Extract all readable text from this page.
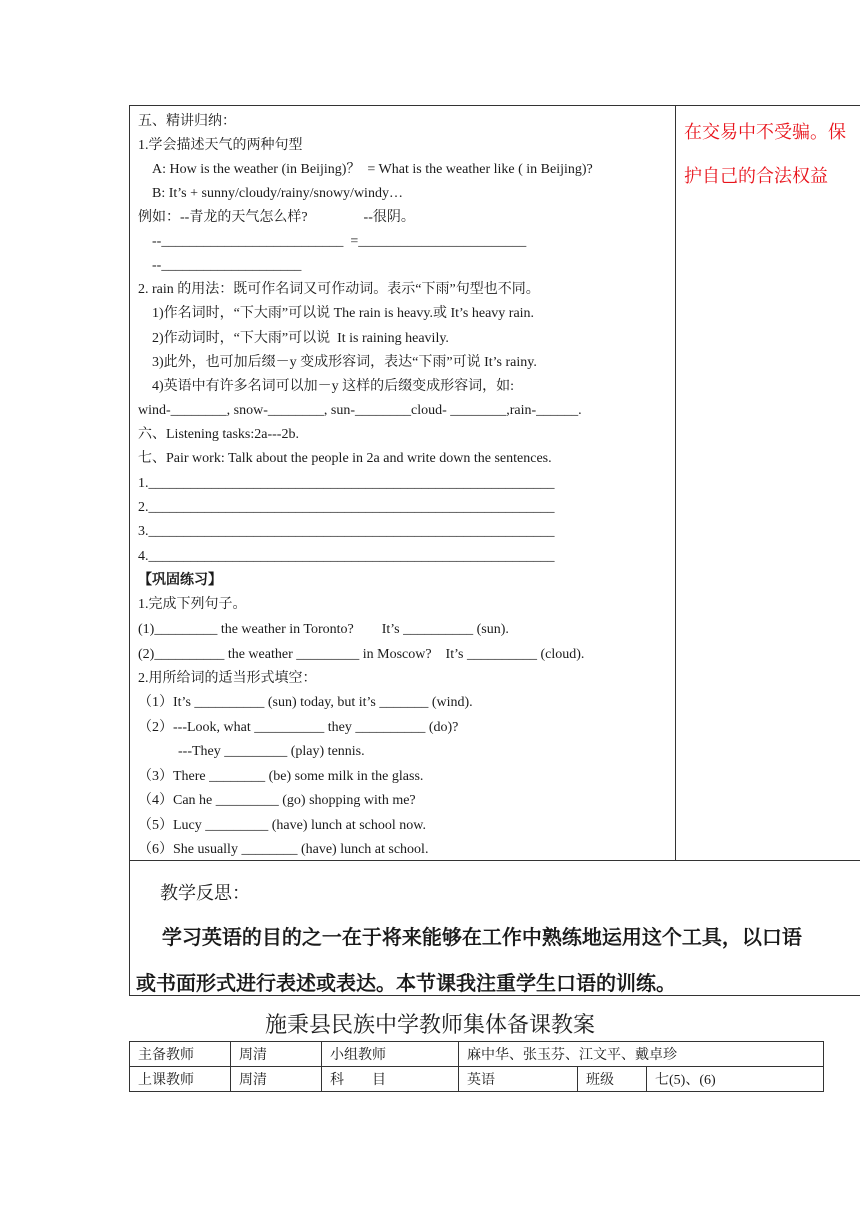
五、精讲归纳：
1.学会描述天气的两种句型
A: How is the weather (in Beijing)？  = What is the weather like ( in Beijing)?
B: It’s + sunny/cloudy/rainy/snowy/windy…
例如：--青龙的天气怎么样?                --很阴。
--__________________________  =________________________
--____________________
2. rain 的用法：既可作名词又可作动词。表示“下雨”句型也不同。
1)作名词时，“下大雨”可以说 The rain is heavy.或 It’s heavy rain.
2)作动词时，“下大雨”可以说  It is raining heavily.
3)此外，也可加后缀－y 变成形容词，表达“下雨”可说 It’s rainy.
4)英语中有许多名词可以加－y 这样的后缀变成形容词，如:
wind-________, snow-________, sun-________cloud- ________,rain-______.
六、Listening tasks:2a---2b.
七、Pair work: Talk about the people in 2a and write down the sentences.
1.__________________________________________________________
2.__________________________________________________________
3.__________________________________________________________
4.__________________________________________________________
【巩固练习】
1.完成下列句子。
(1)_________ the weather in Toronto?        It’s __________ (sun).
(2)__________ the weather _________ in Moscow?    It’s __________ (cloud).
2.用所给词的适当形式填空：
（1）It’s __________ (sun) today, but it’s _______ (wind).
（2）---Look, what __________ they __________ (do)?
---They _________ (play) tennis.
（3）There ________ (be) some milk in the glass.
（4）Can he _________ (go) shopping with me?
（5）Lucy _________ (have) lunch at school now.
（6）She usually ________ (have) lunch at school.
在交易中不受骗。保
护自己的合法权益
教学反思：
学习英语的目的之一在于将来能够在工作中熟练地运用这个工具，以口语
或书面形式进行表述或表达。本节课我注重学生口语的训练。
施秉县民族中学教师集体备课教案
主备教师	周清	小组教师	麻中华、张玉芬、江文平、戴卓珍		
上课教师	周清	科        目	英语	班级	七(5)、(6)
